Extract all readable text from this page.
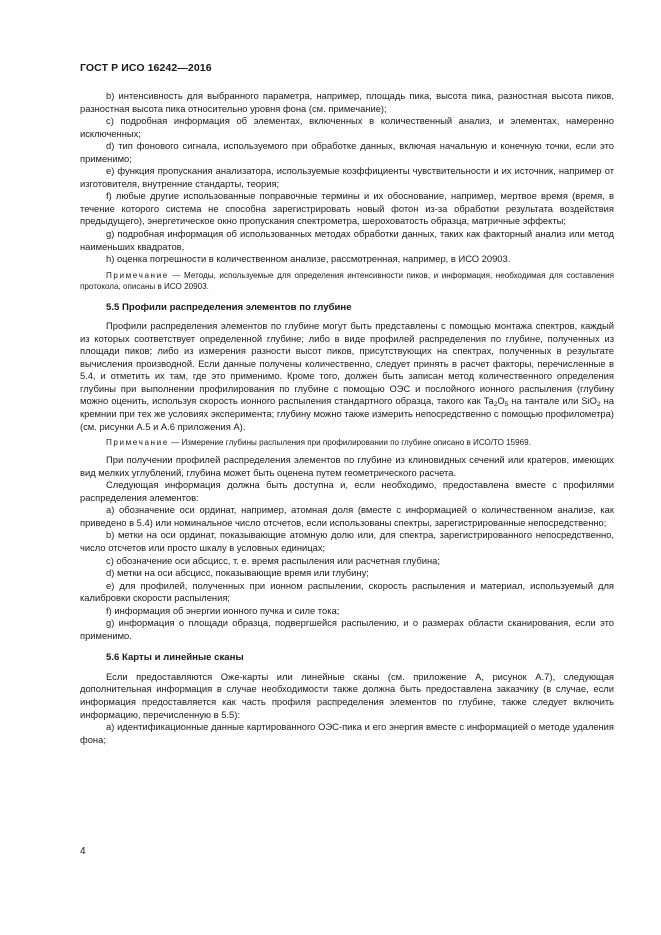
ГОСТ Р ИСО 16242—2016

b) интенсивность для выбранного параметра, например, площадь пика, высота пика, разностная высота пиков, разностная высота пика относительно уровня фона (см. примечание);

c) подробная информация об элементах, включенных в количественный анализ, и элементах, намеренно исключенных;

d) тип фонового сигнала, используемого при обработке данных, включая начальную и конечную точки, если это применимо;

e) функция пропускания анализатора, используемые коэффициенты чувствительности и их источник, например от изготовителя, внутренние стандарты, теория;

f) любые другие использованные поправочные термины и их обоснование, например, мертвое время (время, в течение которого система не способна зарегистрировать новый фотон из-за обработки результата воздействия предыдущего), энергетическое окно пропускания спектрометра, шероховатость образца, матричные эффекты;

g) подробная информация об использованных методах обработки данных, таких как факторный анализ или метод наименьших квадратов,

h) оценка погрешности в количественном анализе, рассмотренная, например, в ИСО 20903.

Примечание — Методы, используемые для определения интенсивности пиков, и информация, необходимая для составления протокола, описаны в ИСО 20903.

5.5 Профили распределения элементов по глубине

Профили распределения элементов по глубине могут быть представлены с помощью монтажа спектров, каждый из которых соответствует определенной глубине; либо в виде профилей распределения по глубине, полученных из площади пиков; либо из измерения разности высот пиков, присутствующих на спектрах, полученных в результате вычисления производной. Если данные получены количественно, следует принять в расчет факторы, перечисленные в 5.4, и отметить их там, где это применимо. Кроме того, должен быть записан метод количественного определения глубины при выполнении профилирования по глубине с помощью ОЭС и послойного ионного распыления (глубину можно оценить, используя скорость ионного распыления стандартного образца, такого как $Ta_2O_5$ на тантале или SiO$_2$ на кремнии при тех же условиях эксперимента; глубину можно также измерить непосредственно с помощью профилометра) (см. рисунки А.5 и А.6 приложения А).

Примечание — Измерение глубины распыления при профилировании по глубине описано в ИСО/ТО 15969.

При получении профилей распределения элементов по глубине из клиновидных сечений или кратеров, имеющих вид мелких углублений, глубина может быть оценена путем геометрического расчета.

Следующая информация должна быть доступна и, если необходимо, предоставлена вместе с профилями распределения элементов:

a) обозначение оси ординат, например, атомная доля (вместе с информацией о количественном анализе, как приведено в 5.4) или номинальное число отсчетов, если использованы спектры, зарегистрированные непосредственно;

b) метки на оси ординат, показывающие атомную долю или, для спектра, зарегистрированного непосредственно, число отсчетов или просто шкалу в условных единицах;

c) обозначение оси абсцисс, т. е. время распыления или расчетная глубина;

d) метки на оси абсцисс, показывающие время или глубину;

e) для профилей, полученных при ионном распылении, скорость распыления и материал, используемый для калибровки скорости распыления;

f) информация об энергии ионного пучка и силе тока;

g) информация о площади образца, подвергшейся распылению, и о размерах области сканирования, если это применимо.

5.6 Карты и линейные сканы

Если предоставляются Оже-карты или линейные сканы (см. приложение А, рисунок А.7), следующая дополнительная информация в случае необходимости также должна быть предоставлена заказчику (в случае, если информация предоставляется как часть профиля распределения элементов по глубине, также следует включить информацию, перечисленную в 5.5):

a) идентификационные данные картированного ОЭС-пика и его энергия вместе с информацией о методе удаления фона;

4
